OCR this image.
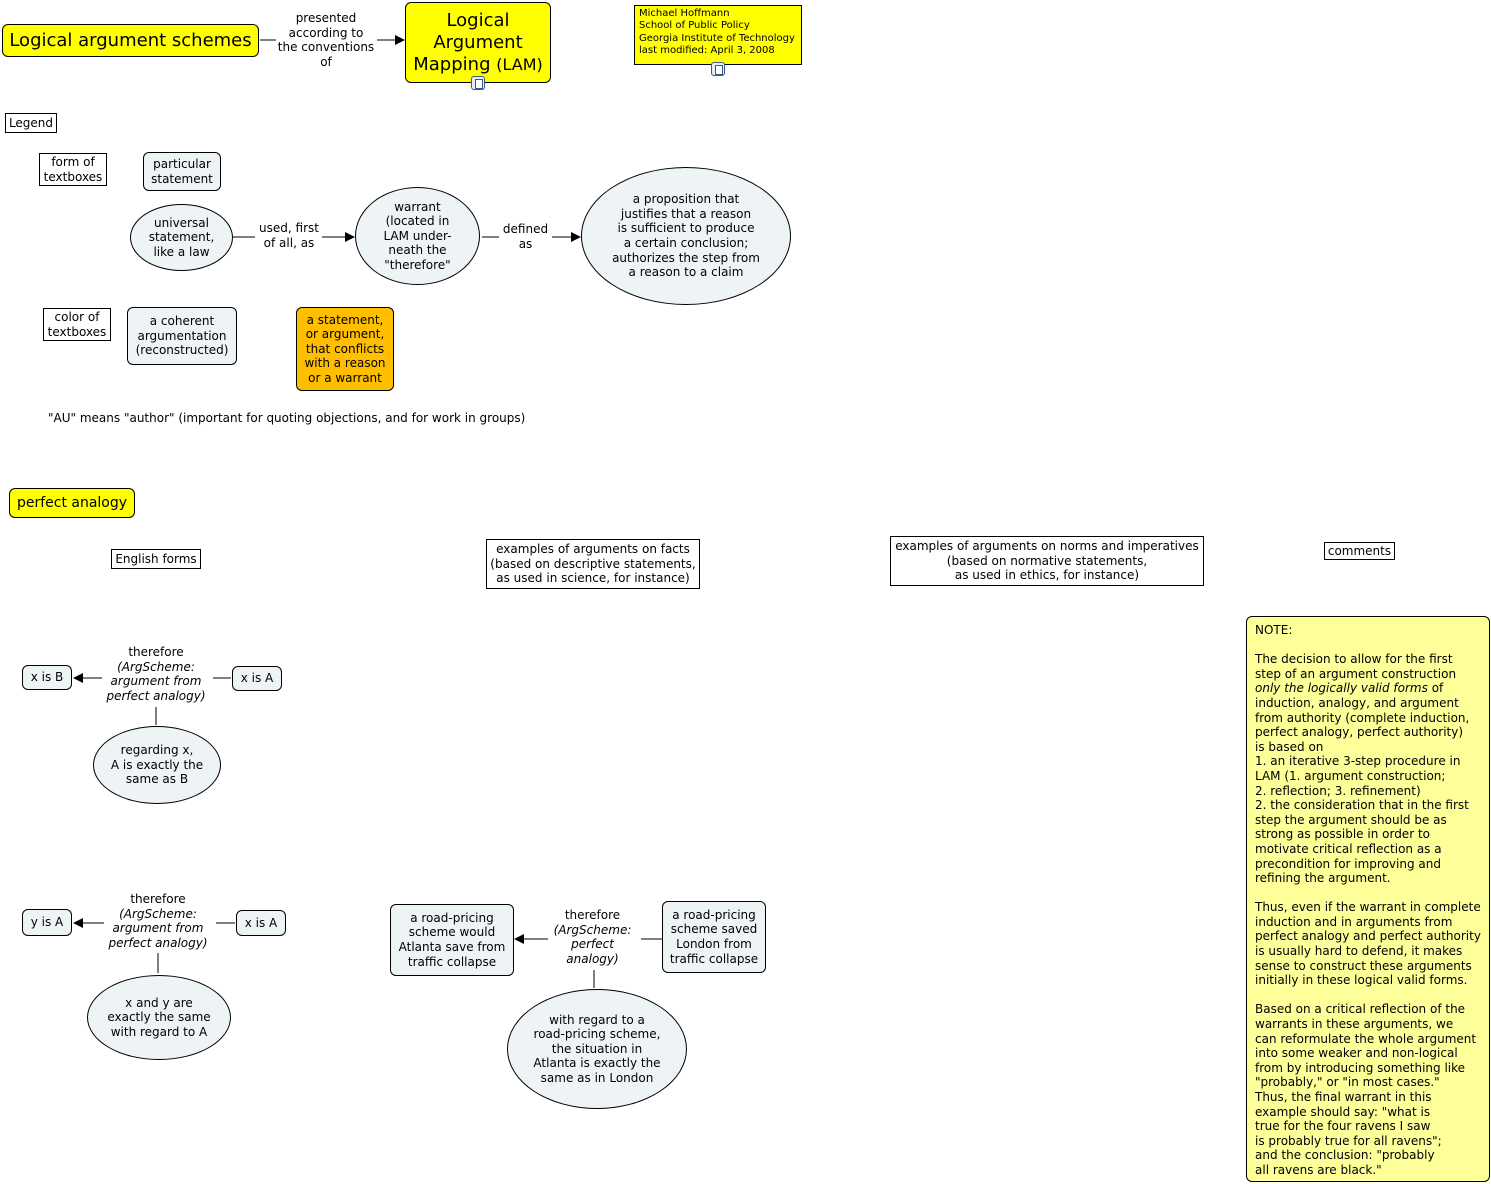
Logical argument schemes
presented
according to
the conventions
of
Logical
Argument
Mapping (LAM)
Michael Hoffmann
School of Public Policy
Georgia Institute of Technology
last modified: April 3, 2008
Legend
form of
textboxes
particular
statement
universal
statement,
like a law
used, first
of all, as
warrant
(located in
LAM under-
neath the
"therefore"
defined
as
a proposition that
justifies that a reason
is sufficient to produce
a certain conclusion;
authorizes the step from
a reason to a claim
color of
textboxes
a coherent
argumentation
(reconstructed)
a statement,
or argument,
that conflicts
with a reason
or a warrant
"AU" means "author" (important for quoting objections, and for work in groups)
perfect analogy
English forms
examples of arguments on facts
(based on descriptive statements,
as used in science, for instance)
examples of arguments on norms and imperatives
(based on normative statements,
as used in ethics, for instance)
comments
x is B	x is A
therefore
(ArgScheme:
argument from
perfect analogy)
regarding x,
A is exactly the
same as B
y is A	x is A
therefore
(ArgScheme:
argument from
perfect analogy)
x and y are
exactly the same
with regard to A
a road-pricing
scheme would
Atlanta save from
traffic collapse
a road-pricing
scheme saved
London from
traffic collapse
therefore
(ArgScheme:
perfect
analogy)
with regard to a
road-pricing scheme,
the situation in
Atlanta is exactly the
same as in London
NOTE:

The decision to allow for the first
step of an argument construction
only the logically valid forms of
induction, analogy, and argument
from authority (complete induction,
perfect analogy, perfect authority)
is based on
1. an iterative 3-step procedure in
LAM (1. argument construction;
2. reflection; 3. refinement)
2. the consideration that in the first
step the argument should be as
strong as possible in order to
motivate critical reflection as a
precondition for improving and
refining the argument.

Thus, even if the warrant in complete
induction and in arguments from
perfect analogy and perfect authority
is usually hard to defend, it makes
sense to construct these arguments
initially in these logical valid forms.

Based on a critical reflection of the
warrants in these arguments, we
can reformulate the whole argument
into some weaker and non-logical
from by introducing something like
"probably," or "in most cases."
Thus, the final warrant in this
example should say: "what is
true for the four ravens I saw
is probably true for all ravens";
and the conclusion: "probably
all ravens are black."
